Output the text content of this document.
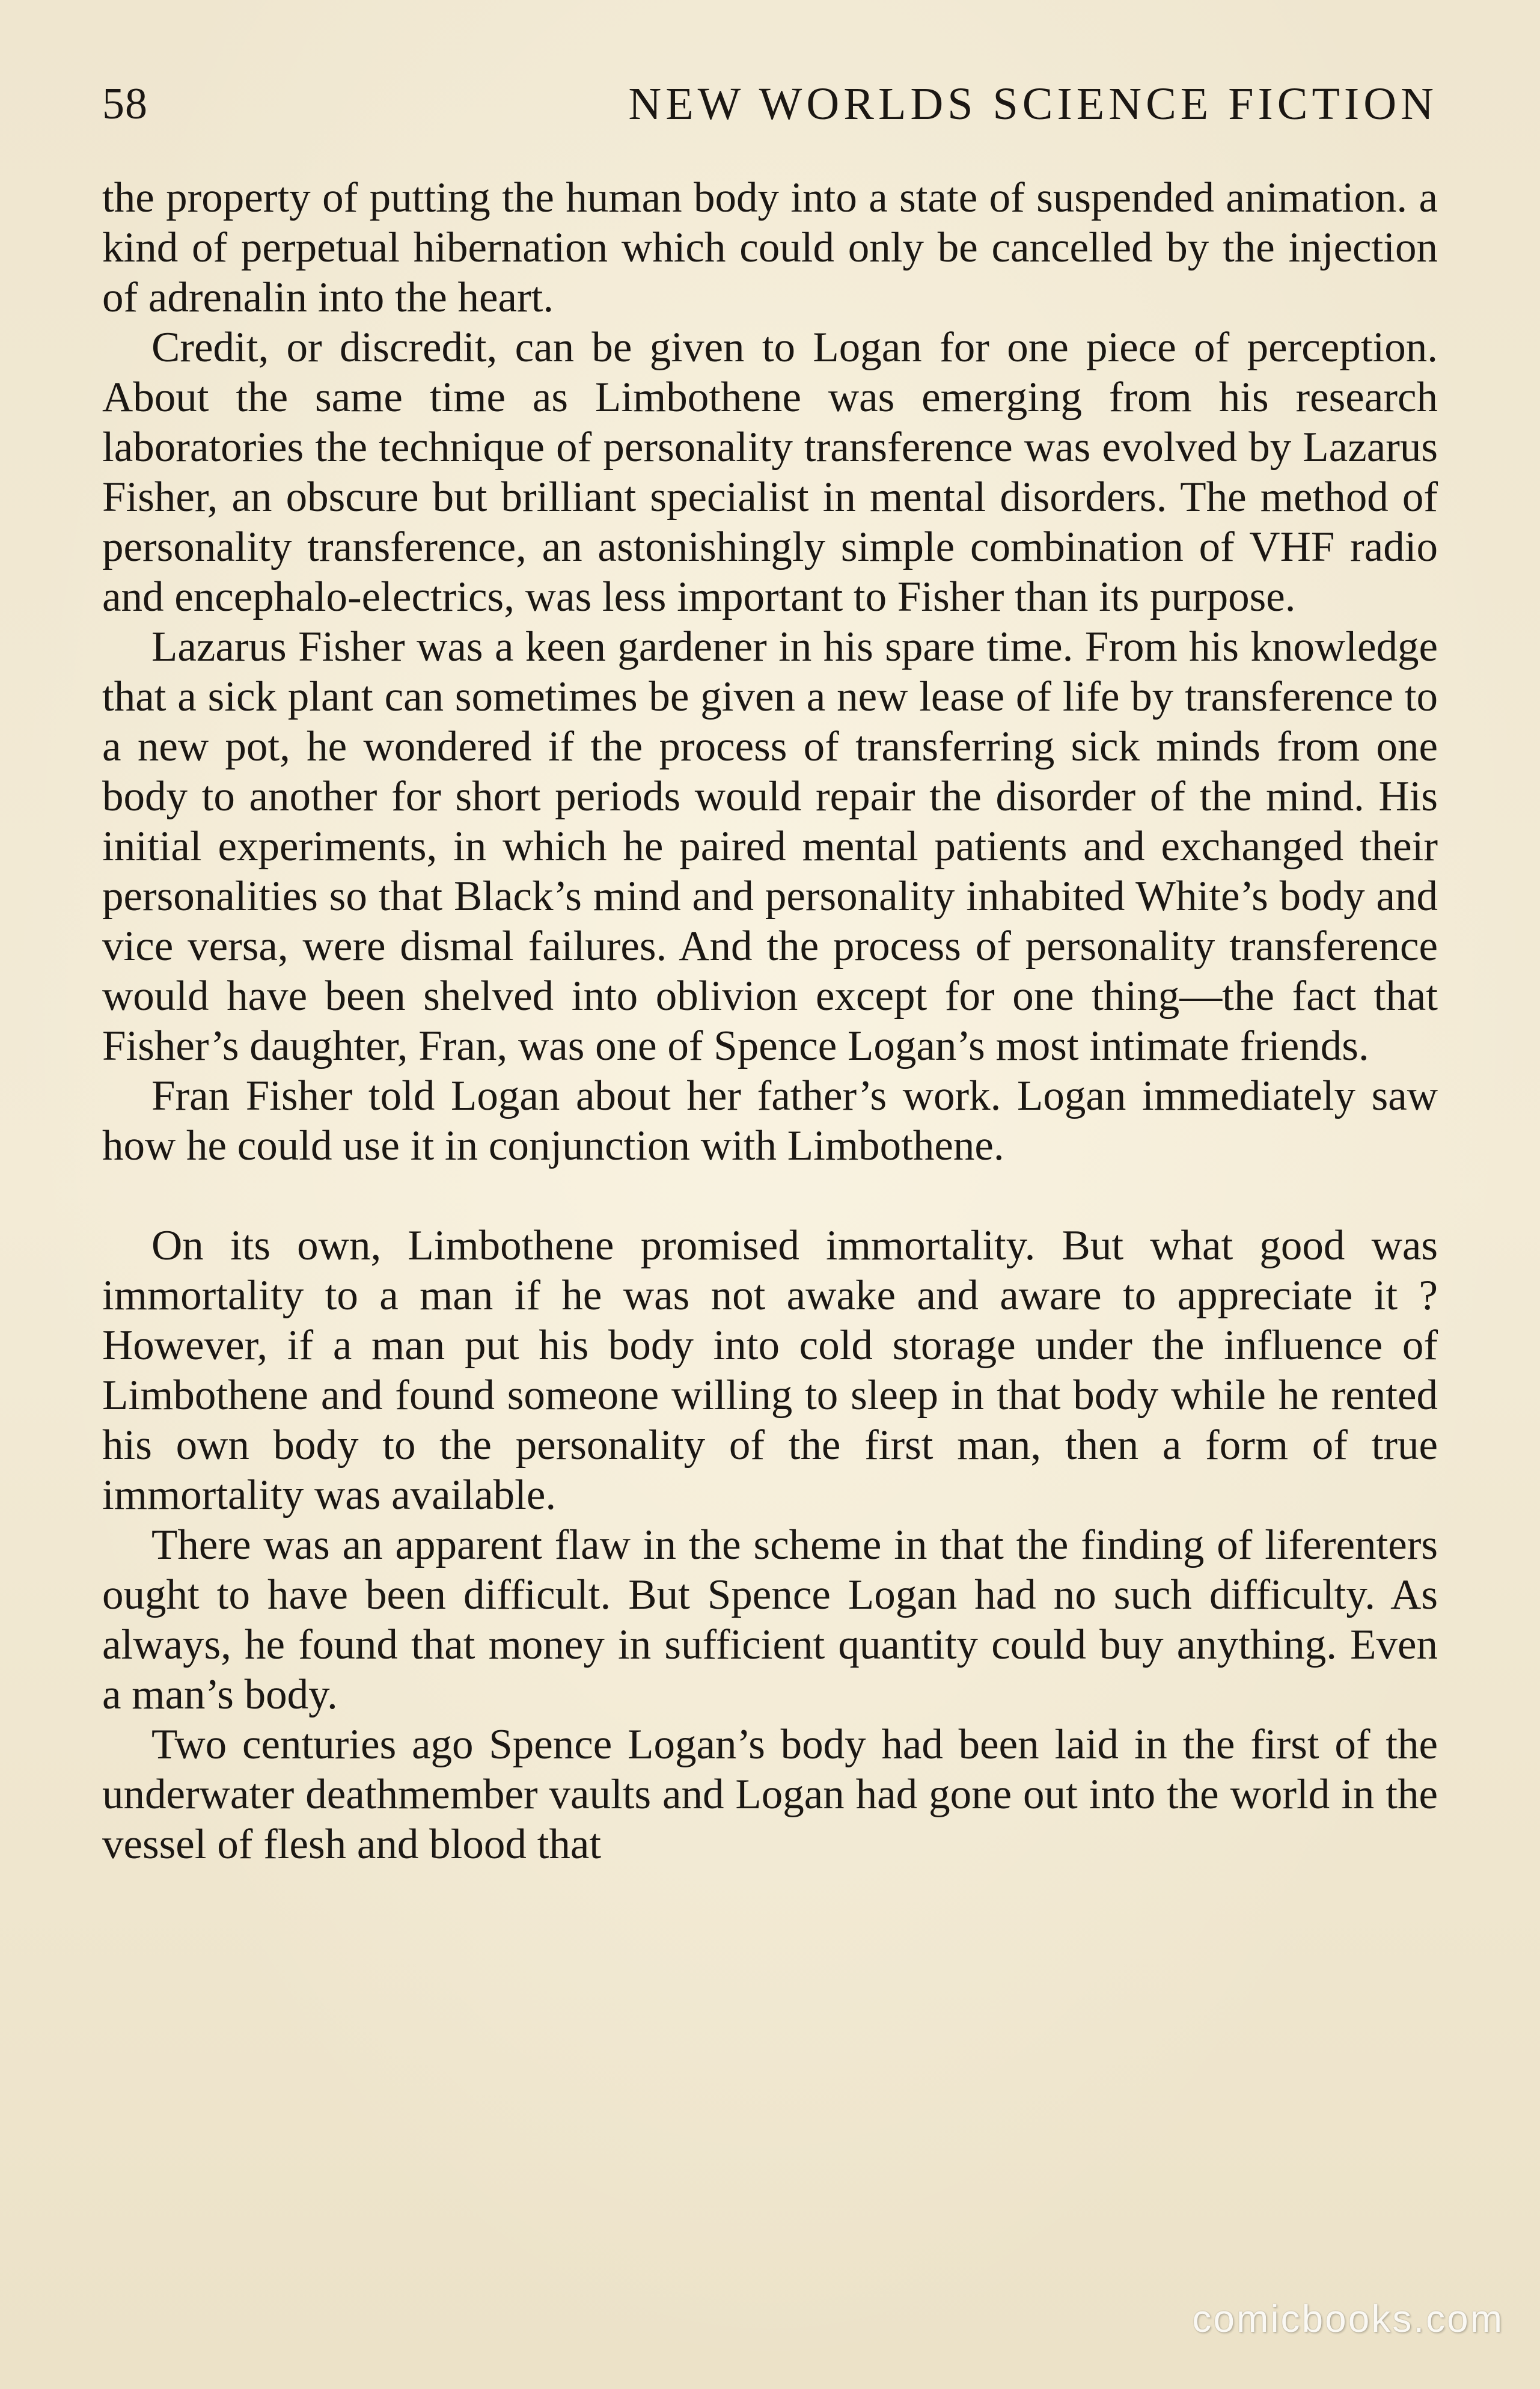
58	NEW WORLDS SCIENCE FICTION

the property of putting the human body into a state of suspended animation. a kind of perpetual hibernation which could only be cancelled by the injection of adrenalin into the heart.

Credit, or discredit, can be given to Logan for one piece of perception. About the same time as Limbothene was emerging from his research laboratories the technique of personality transference was evolved by Lazarus Fisher, an obscure but brilliant specialist in mental disorders. The method of personality transference, an astonishingly simple combination of VHF radio and encephalo-electrics, was less important to Fisher than its purpose.

Lazarus Fisher was a keen gardener in his spare time. From his knowledge that a sick plant can sometimes be given a new lease of life by transference to a new pot, he wondered if the process of transferring sick minds from one body to another for short periods would repair the disorder of the mind. His initial experiments, in which he paired mental patients and exchanged their personalities so that Black’s mind and personality inhabited White’s body and vice versa, were dismal failures. And the process of personality transference would have been shelved into oblivion except for one thing—the fact that Fisher’s daughter, Fran, was one of Spence Logan’s most intimate friends.

Fran Fisher told Logan about her father’s work. Logan immediately saw how he could use it in conjunction with Limbothene.

On its own, Limbothene promised immortality. But what good was immortality to a man if he was not awake and aware to appreciate it ? However, if a man put his body into cold storage under the influence of Limbothene and found someone willing to sleep in that body while he rented his own body to the personality of the first man, then a form of true immortality was available.

There was an apparent flaw in the scheme in that the finding of liferenters ought to have been difficult. But Spence Logan had no such difficulty. As always, he found that money in sufficient quantity could buy anything. Even a man’s body.

Two centuries ago Spence Logan’s body had been laid in the first of the underwater deathmember vaults and Logan had gone out into the world in the vessel of flesh and blood that

comicbooks.com
